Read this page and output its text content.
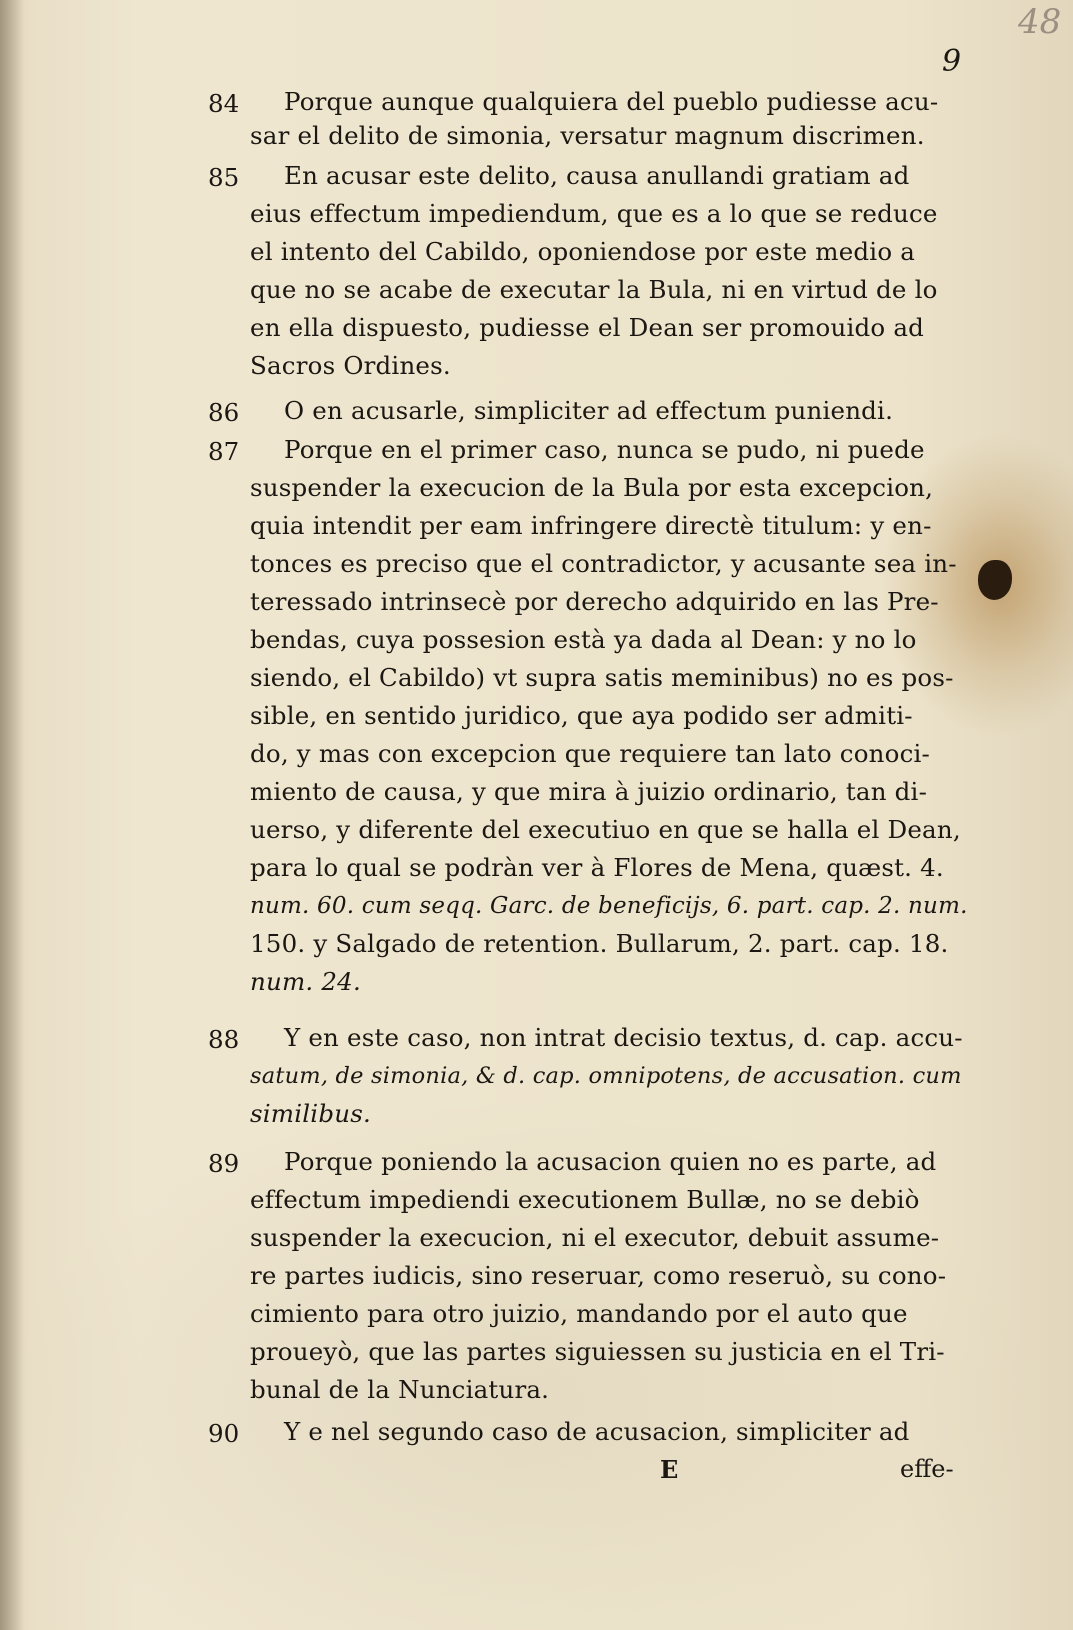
48
9
84	Porque aunque qualquiera del pueblo pudiesse acu-
sar el delito de simonia, versatur magnum discrimen.
85	En acusar este delito, causa anullandi gratiam ad
eius effectum impediendum, que es a lo que se reduce
el intento del Cabildo, oponiendose por este medio a
que no se acabe de executar la Bula, ni en virtud de lo
en ella dispuesto, pudiesse el Dean ser promouido ad
Sacros Ordines.
86	O en acusarle, simpliciter ad effectum puniendi.
87	Porque en el primer caso, nunca se pudo, ni puede
suspender la execucion de la Bula por esta excepcion,
quia intendit per eam infringere directè titulum: y en-
tonces es preciso que el contradictor, y acusante sea in-
teressado intrinsecè por derecho adquirido en las Pre-
bendas, cuya possesion està ya dada al Dean: y no lo
siendo, el Cabildo) vt supra satis meminibus) no es pos-
sible, en sentido juridico, que aya podido ser admiti-
do, y mas con excepcion que requiere tan lato conoci-
miento de causa, y que mira à juizio ordinario, tan di-
uerso, y diferente del executiuo en que se halla el Dean,
para lo qual se podràn ver à Flores de Mena, quæst. 4.
num. 60. cum seqq. Garc. de beneficijs, 6. part. cap. 2. num.
150. y Salgado de retention. Bullarum, 2. part. cap. 18.
num. 24.
88	Y en este caso, non intrat decisio textus, d. cap. accu-
satum, de simonia, & d. cap. omnipotens, de accusation. cum
similibus.
89	Porque poniendo la acusacion quien no es parte, ad
effectum impediendi executionem Bullæ, no se debiò
suspender la execucion, ni el executor, debuit assume-
re partes iudicis, sino reseruar, como reseruò, su cono-
cimiento para otro juizio, mandando por el auto que
proueyò, que las partes siguiessen su justicia en el Tri-
bunal de la Nunciatura.
90	Y e nel segundo caso de acusacion, simpliciter ad
E	effe-
